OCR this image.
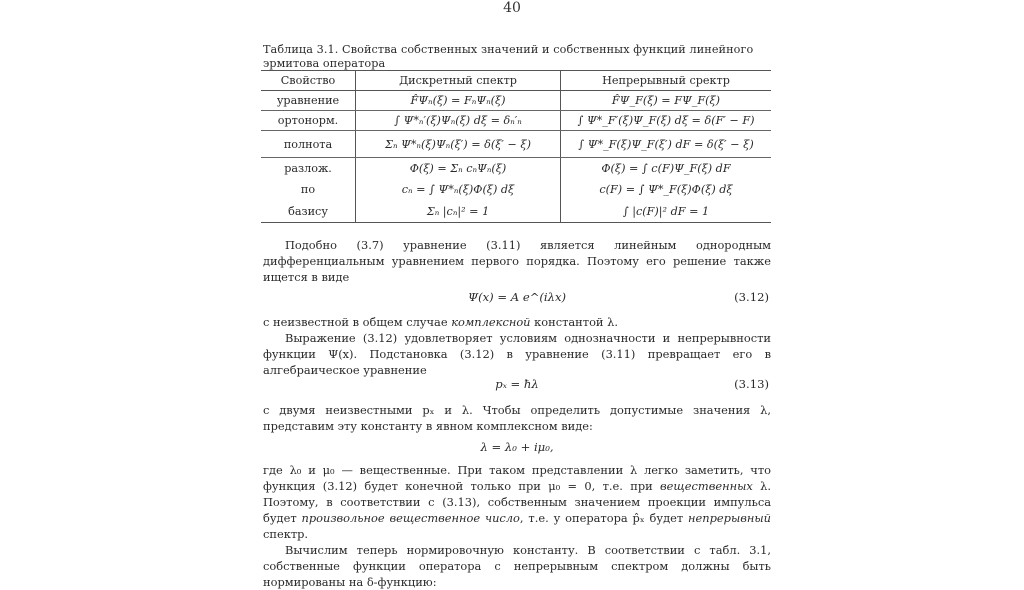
40
Таблица 3.1. Свойства собственных значений и собственных функций линейного эрмитова оператора
Свойство	Дискретный спектр	Непрерывный сректр
уравнение	F̂Ψₙ(ξ) = FₙΨₙ(ξ)	F̂Ψ_F(ξ) = FΨ_F(ξ)
ортонорм.	∫ Ψ*ₙ′(ξ)Ψₙ(ξ) dξ = δₙ′ₙ	∫ Ψ*_F′(ξ)Ψ_F(ξ) dξ = δ(F′ − F)
полнота	Σₙ Ψ*ₙ(ξ)Ψₙ(ξ′) = δ(ξ′ − ξ)	∫ Ψ*_F(ξ)Ψ_F(ξ′) dF = δ(ξ′ − ξ)
разлож.	Φ(ξ) = Σₙ cₙΨₙ(ξ)	Φ(ξ) = ∫ c(F)Ψ_F(ξ) dF
по	cₙ = ∫ Ψ*ₙ(ξ)Φ(ξ) dξ	c(F) = ∫ Ψ*_F(ξ)Φ(ξ) dξ
базису	Σₙ |cₙ|² = 1	∫ |c(F)|² dF = 1

Подобно (3.7) уравнение (3.11) является линейным однородным дифференциальным уравнением первого порядка. Поэтому его решение также ищется в виде

Ψ(x) = A e^(iλx)	(3.12)

с неизвестной в общем случае комплексной константой λ.

Выражение (3.12) удовлетворяет условиям однозначности и непрерывности функции Ψ(x). Подстановка (3.12) в уравнение (3.11) превращает его в алгебраическое уравнение

pₓ = ħλ	(3.13)

с двумя неизвестными pₓ и λ. Чтобы определить допустимые значения λ, представим эту константу в явном комплексном виде:

λ = λ₀ + iμ₀,

где λ₀ и μ₀ — вещественные. При таком представлении λ легко заметить, что функция (3.12) будет конечной только при μ₀ = 0, т.е. при вещественных λ. Поэтому, в соответствии с (3.13), собственным значением проекции импульса будет произвольное вещественное число, т.е. у оператора p̂ₓ будет непрерывный спектр.

Вычислим теперь нормировочную константу. В соответствии с табл. 3.1, собственные функции оператора с непрерывным спектром должны быть нормированы на δ-функцию:
